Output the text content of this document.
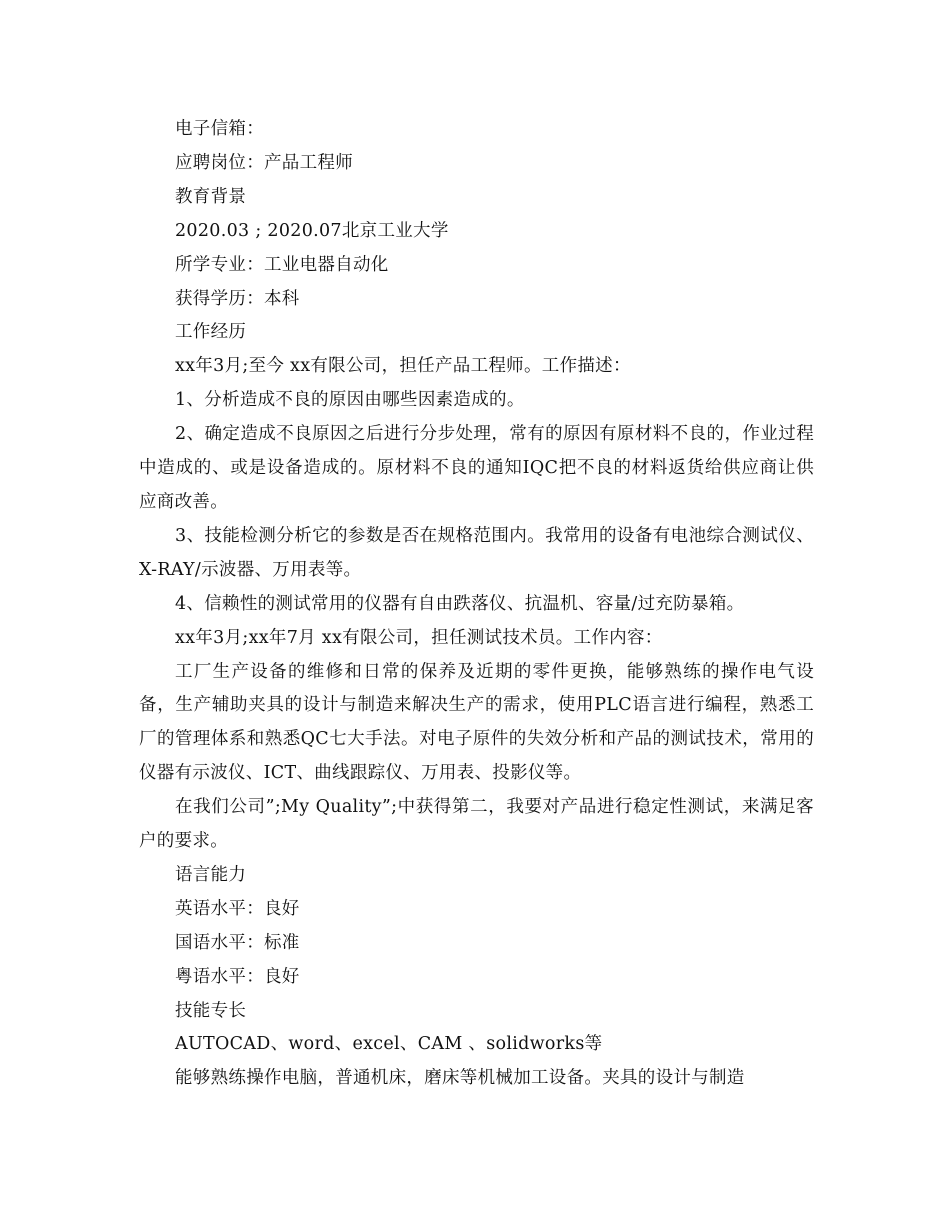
电子信箱：

应聘岗位：产品工程师

教育背景

2020.03 ; 2020.07北京工业大学

所学专业：工业电器自动化

获得学历：本科

工作经历

xx年3月;至今 xx有限公司，担任产品工程师。工作描述：

1、分析造成不良的原因由哪些因素造成的。

2、确定造成不良原因之后进行分步处理，常有的原因有原材料不良的，作业过程中造成的、或是设备造成的。原材料不良的通知IQC把不良的材料返货给供应商让供应商改善。

3、技能检测分析它的参数是否在规格范围内。我常用的设备有电池综合测试仪、X-RAY/示波器、万用表等。

4、信赖性的测试常用的仪器有自由跌落仪、抗温机、容量/过充防暴箱。

xx年3月;xx年7月 xx有限公司，担任测试技术员。工作内容：

工厂生产设备的维修和日常的保养及近期的零件更换，能够熟练的操作电气设备，生产辅助夹具的设计与制造来解决生产的需求，使用PLC语言进行编程，熟悉工厂的管理体系和熟悉QC七大手法。对电子原件的失效分析和产品的测试技术，常用的仪器有示波仪、ICT、曲线跟踪仪、万用表、投影仪等。

在我们公司”;My Quality”;中获得第二，我要对产品进行稳定性测试，来满足客户的要求。

语言能力

英语水平：良好

国语水平：标准

粤语水平：良好

技能专长

AUTOCAD、word、excel、CAM 、solidworks等

能够熟练操作电脑，普通机床，磨床等机械加工设备。夹具的设计与制造
